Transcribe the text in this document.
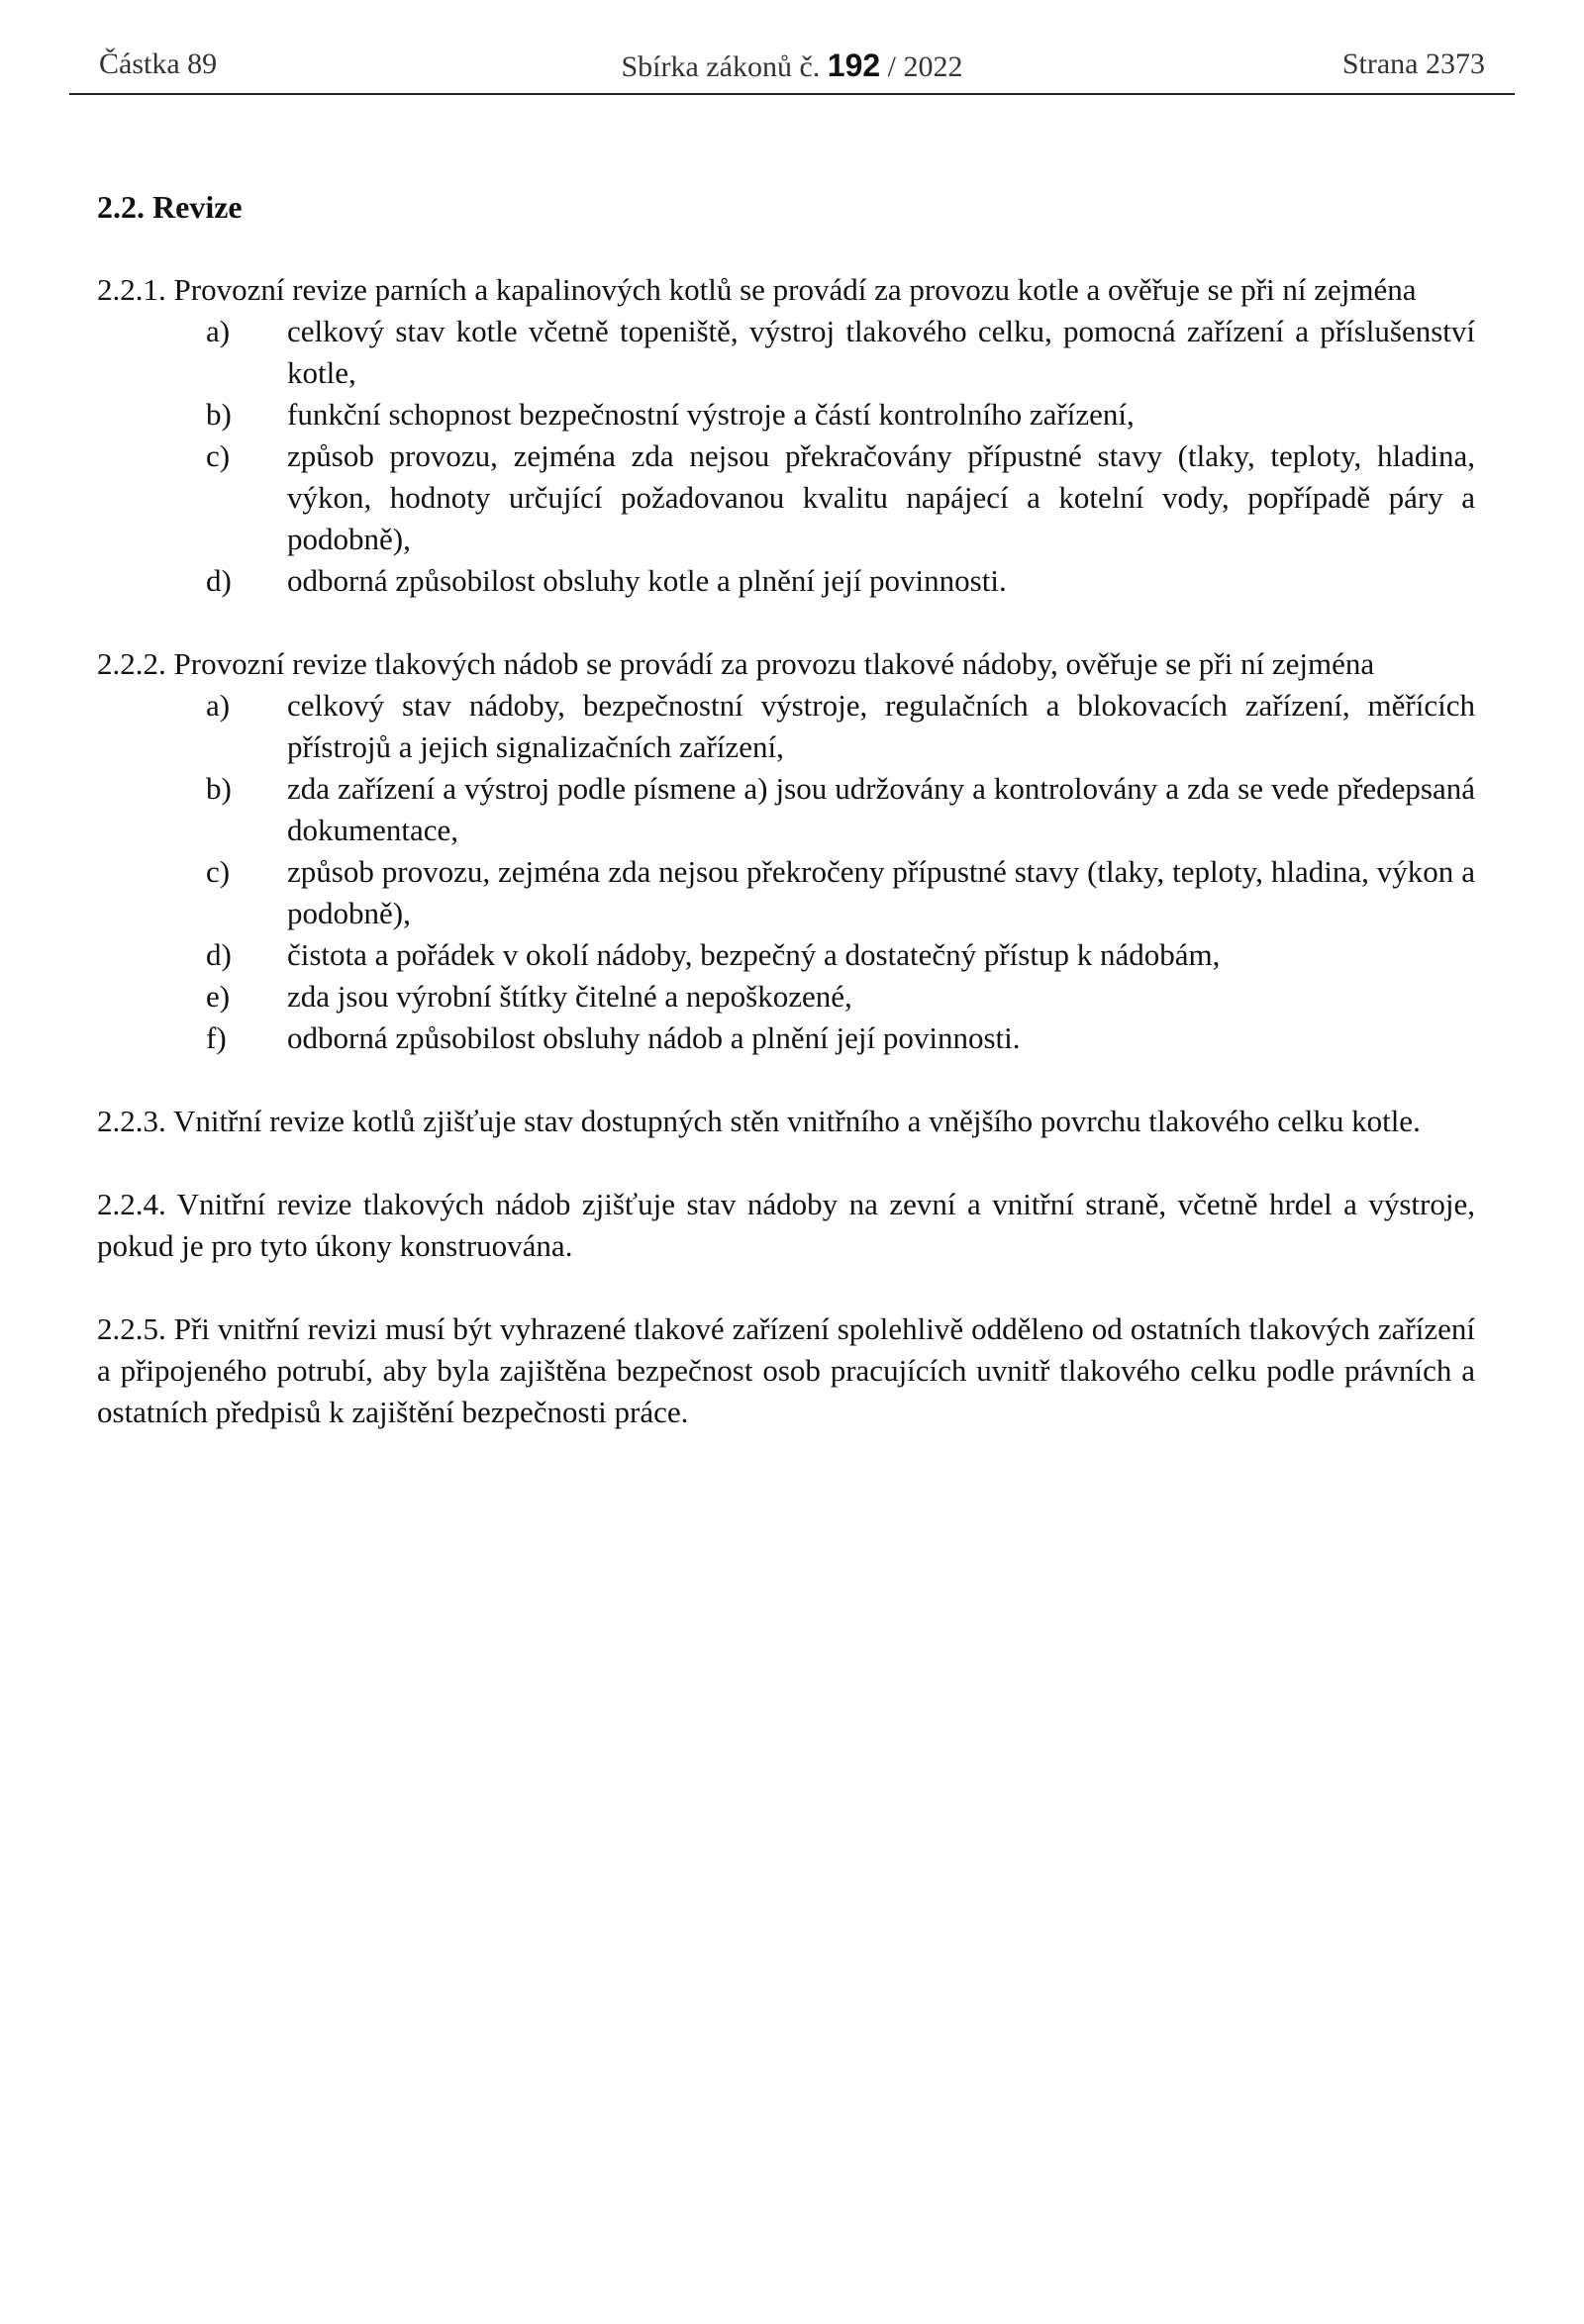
Částka 89	Sbírka zákonů č. 192 / 2022	Strana 2373
2.2. Revize
2.2.1. Provozní revize parních a kapalinových kotlů se provádí za provozu kotle a ověřuje se při ní zejména
a) celkový stav kotle včetně topeniště, výstroj tlakového celku, pomocná zařízení a příslušenství kotle,
b) funkční schopnost bezpečnostní výstroje a částí kontrolního zařízení,
c) způsob provozu, zejména zda nejsou překračovány přípustné stavy (tlaky, teploty, hladina, výkon, hodnoty určující požadovanou kvalitu napájecí a kotelní vody, popřípadě páry a podobně),
d) odborná způsobilost obsluhy kotle a plnění její povinnosti.
2.2.2. Provozní revize tlakových nádob se provádí za provozu tlakové nádoby, ověřuje se při ní zejména
a) celkový stav nádoby, bezpečnostní výstroje, regulačních a blokovacích zařízení, měřících přístrojů a jejich signalizačních zařízení,
b) zda zařízení a výstroj podle písmene a) jsou udržovány a kontrolovány a zda se vede předepsaná dokumentace,
c) způsob provozu, zejména zda nejsou překročeny přípustné stavy (tlaky, teploty, hladina, výkon a podobně),
d) čistota a pořádek v okolí nádoby, bezpečný a dostatečný přístup k nádobám,
e) zda jsou výrobní štítky čitelné a nepoškozené,
f) odborná způsobilost obsluhy nádob a plnění její povinnosti.
2.2.3. Vnitřní revize kotlů zjišťuje stav dostupných stěn vnitřního a vnějšího povrchu tlakového celku kotle.
2.2.4. Vnitřní revize tlakových nádob zjišťuje stav nádoby na zevní a vnitřní straně, včetně hrdel a výstroje, pokud je pro tyto úkony konstruována.
2.2.5. Při vnitřní revizi musí být vyhrazené tlakové zařízení spolehlivě odděleno od ostatních tlakových zařízení a připojeného potrubí, aby byla zajištěna bezpečnost osob pracujících uvnitř tlakového celku podle právních a ostatních předpisů k zajištění bezpečnosti práce.
